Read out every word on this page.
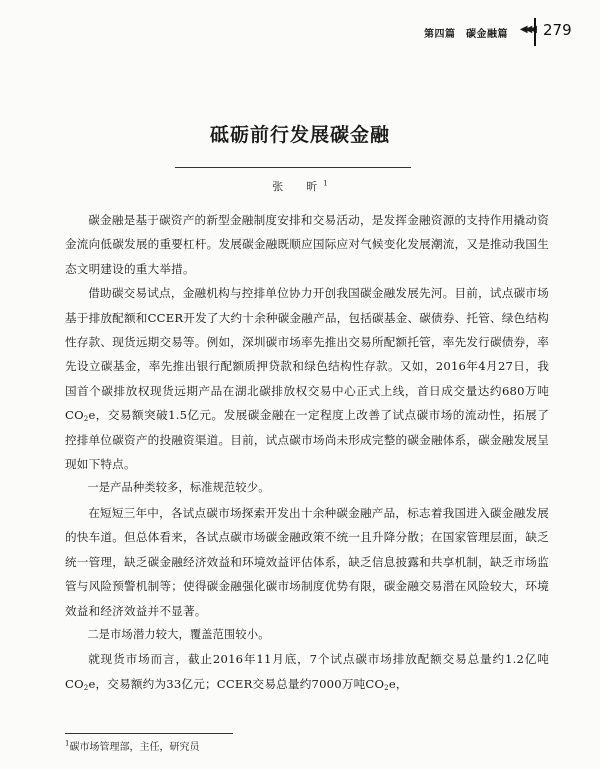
第四篇　碳金融篇 ◀◀◀ 279
砥砺前行发展碳金融
张　昕$^1$

碳金融是基于碳资产的新型金融制度安排和交易活动，是发挥金融资源的支持作用撬动资金流向低碳发展的重要杠杆。发展碳金融既顺应国际应对气候变化发展潮流，又是推动我国生态文明建设的重大举措。

借助碳交易试点，金融机构与控排单位协力开创我国碳金融发展先河。目前，试点碳市场基于排放配额和CCER开发了大约十余种碳金融产品，包括碳基金、碳债券、托管、绿色结构性存款、现货远期交易等。例如，深圳碳市场率先推出交易所配额托管，率先发行碳债券，率先设立碳基金，率先推出银行配额质押贷款和绿色结构性存款。又如，2016年4月27日，我国首个碳排放权现货远期产品在湖北碳排放权交易中心正式上线，首日成交量达约680万吨$CO_2e$，交易额突破1.5亿元。发展碳金融在一定程度上改善了试点碳市场的流动性，拓展了控排单位碳资产的投融资渠道。目前，试点碳市场尚未形成完整的碳金融体系，碳金融发展呈现如下特点。

一是产品种类较多，标准规范较少。

在短短三年中，各试点碳市场探索开发出十余种碳金融产品，标志着我国进入碳金融发展的快车道。但总体看来，各试点碳市场碳金融政策不统一且升降分散；在国家管理层面，缺乏统一管理，缺乏碳金融经济效益和环境效益评估体系，缺乏信息披露和共享机制，缺乏市场监管与风险预警机制等；使得碳金融强化碳市场制度优势有限，碳金融交易潜在风险较大，环境效益和经济效益并不显著。

二是市场潜力较大，覆盖范围较小。

就现货市场而言，截止2016年11月底，7个试点碳市场排放配额交易总量约1.2亿吨$CO_2e$，交易额约为33亿元；CCER交易总量约7000万吨$CO_2e$，

$^1$碳市场管理部，主任，研究员
